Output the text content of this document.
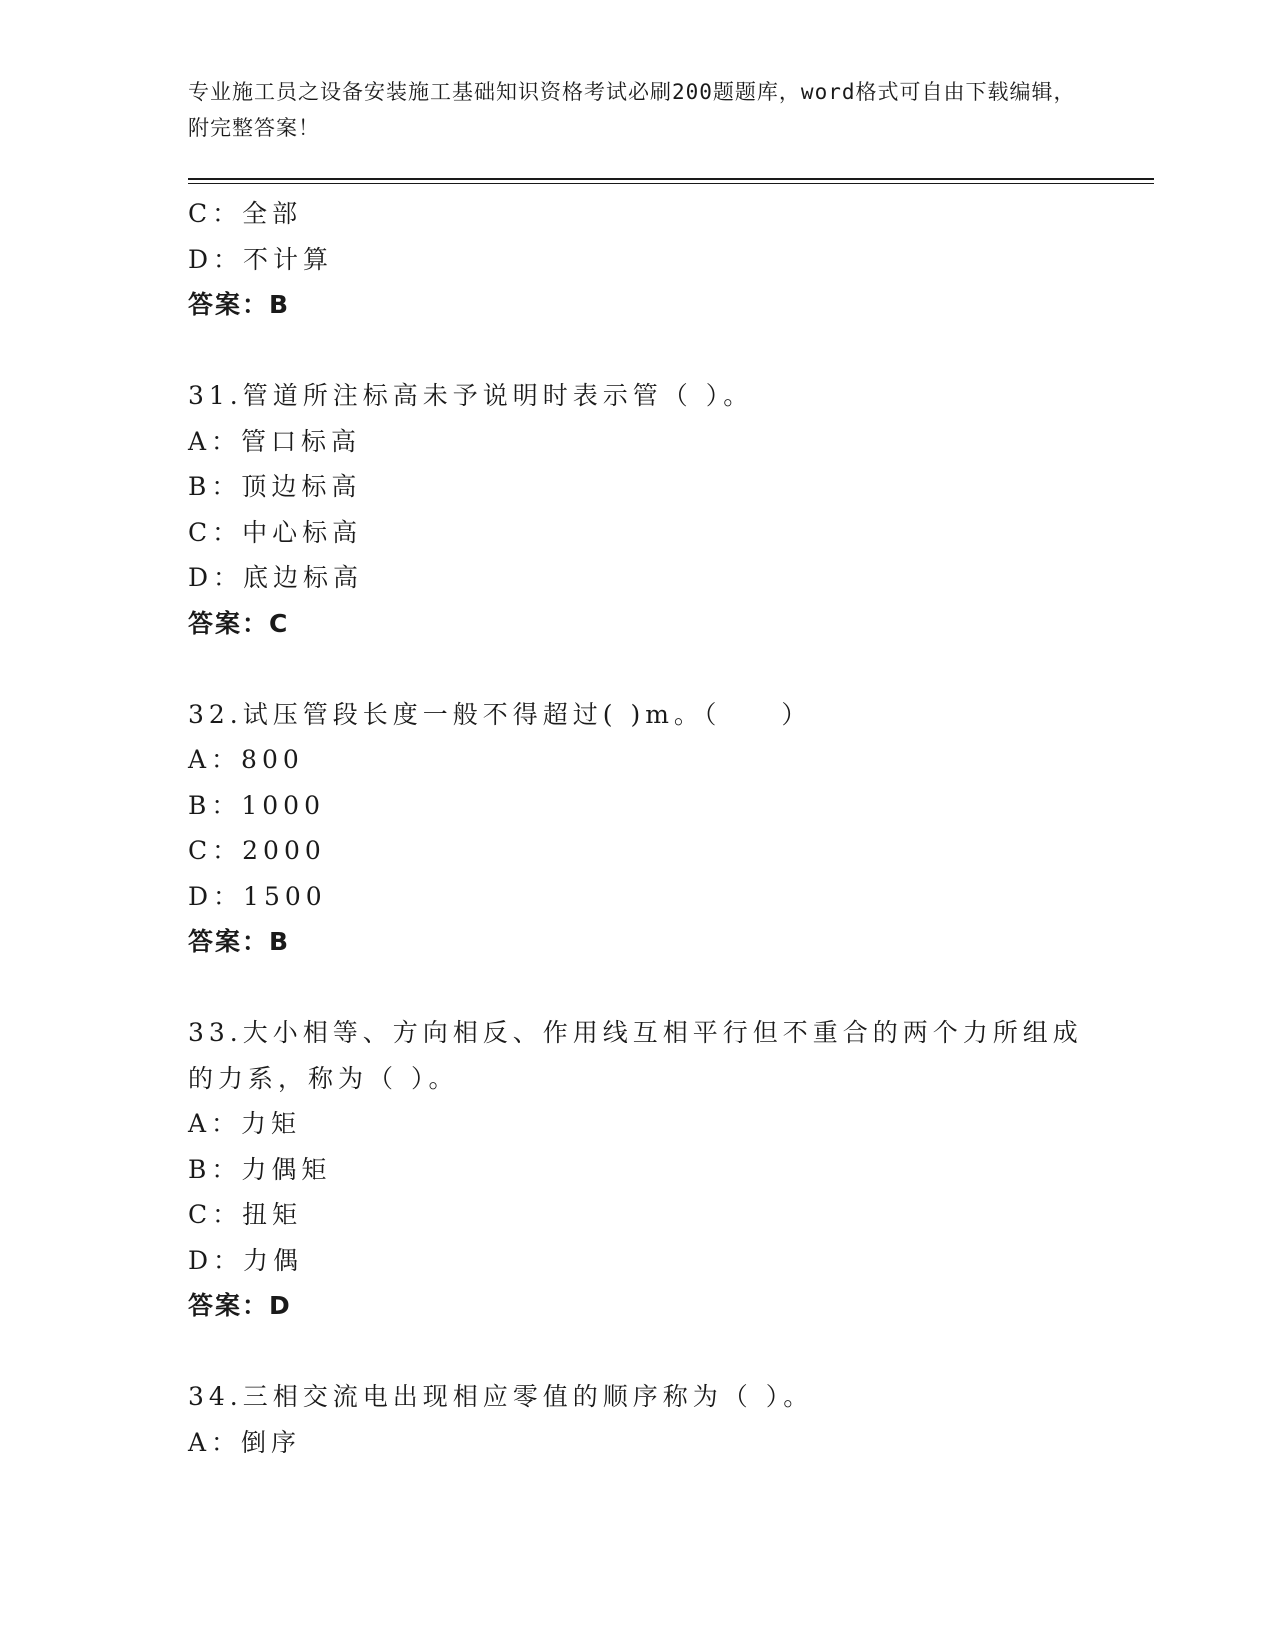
专业施工员之设备安装施工基础知识资格考试必刷200题题库，word格式可自由下载编辑，附完整答案！
C：全部
D：不计算
答案：B
31.管道所注标高未予说明时表示管（ ）。
A：管口标高
B：顶边标高
C：中心标高
D：底边标高
答案：C
32.试压管段长度一般不得超过( )m。（　　）
A：800
B：1000
C：2000
D：1500
答案：B
33.大小相等、方向相反、作用线互相平行但不重合的两个力所组成的力系，称为（ ）。
A：力矩
B：力偶矩
C：扭矩
D：力偶
答案：D
34.三相交流电出现相应零值的顺序称为（ ）。
A：倒序
